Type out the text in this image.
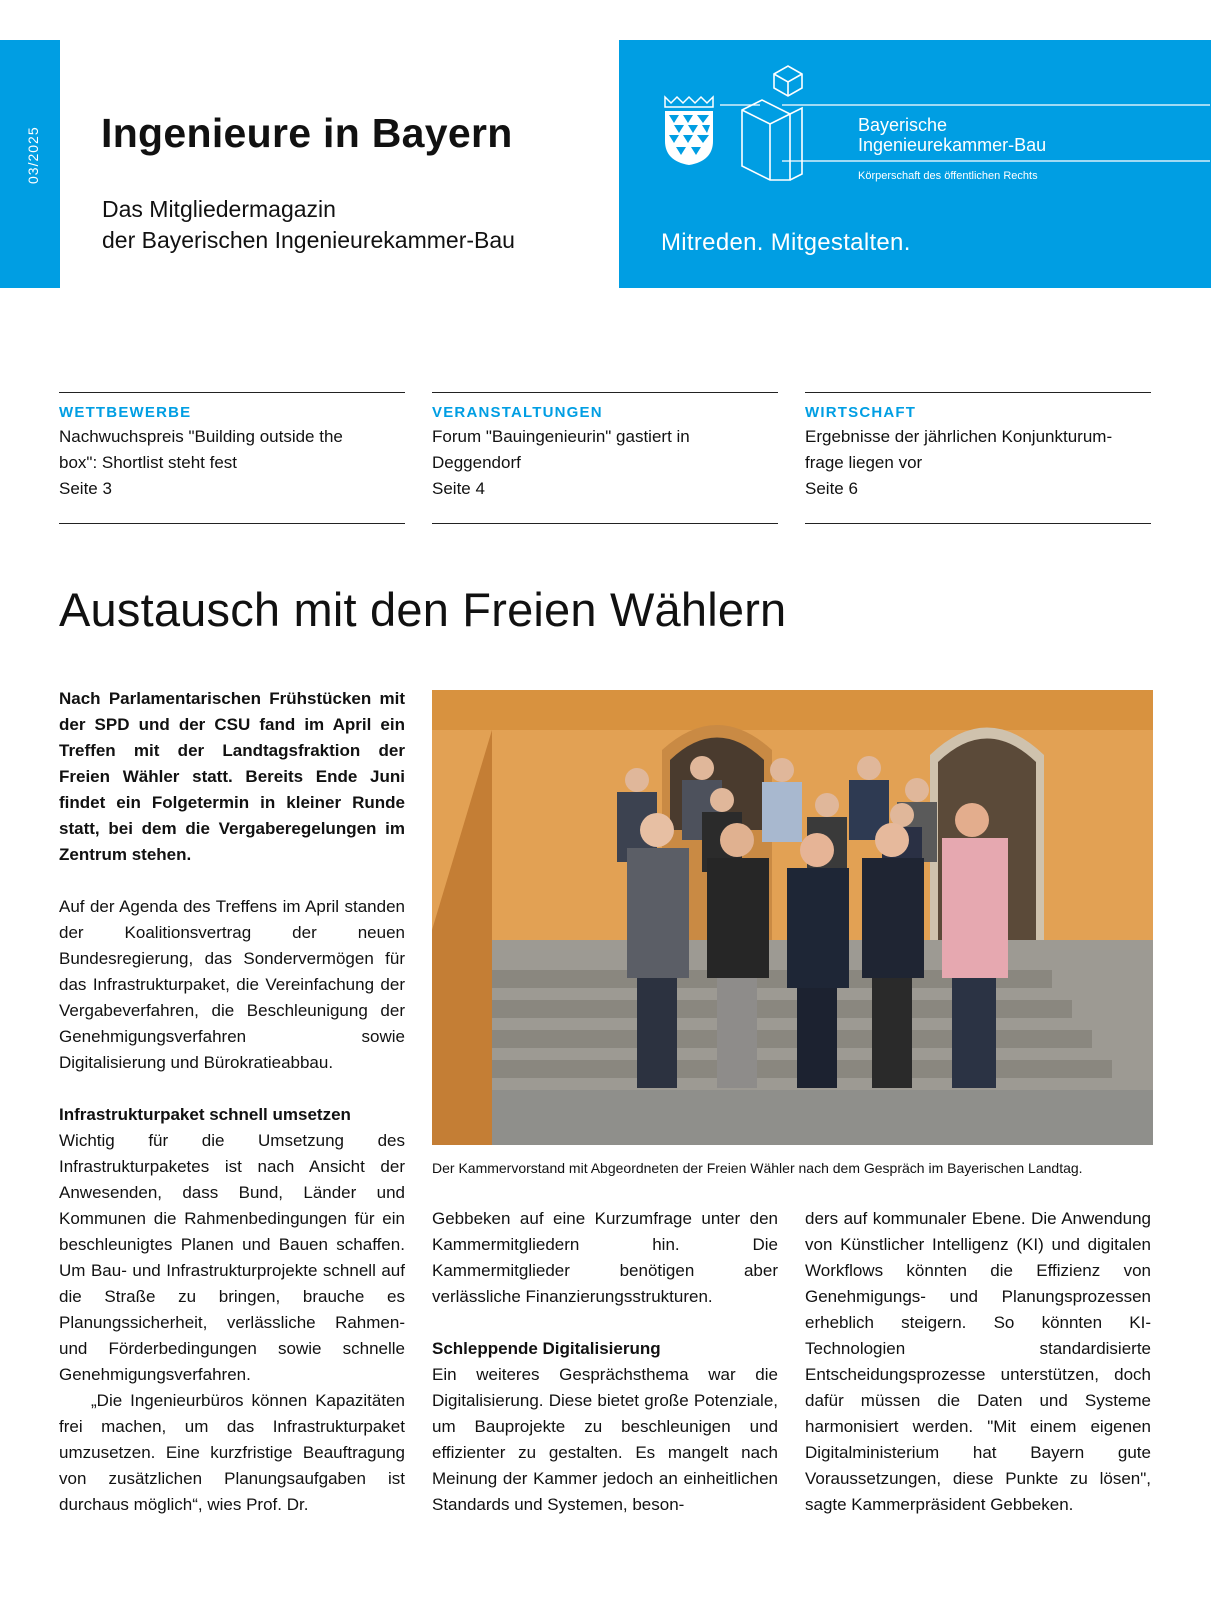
03/2025 Ingenieure in Bayern
Das Mitgliedermagazin
der Bayerischen Ingenieurekammer-Bau
Bayerische
Ingenieurekammer-Bau
Körperschaft des öffentlichen Rechts
Mitreden. Mitgestalten.
WETTBEWERBE
Nachwuchspreis "Building outside the
box": Shortlist steht fest
Seite 3
VERANSTALTUNGEN
Forum "Bauingenieurin" gastiert in
Deggendorf
Seite 4
WIRTSCHAFT
Ergebnisse der jährlichen Konjunkturum-
frage liegen vor
Seite 6
Austausch mit den Freien Wählern

Nach Parlamentarischen Frühstücken mit der SPD und der CSU fand im April ein Treffen mit der Landtagsfraktion der Freien Wähler statt. Bereits Ende Juni findet ein Folgetermin in kleiner Runde statt, bei dem die Vergaberegelungen im Zentrum stehen.

Auf der Agenda des Treffens im April standen der Koalitionsvertrag der neuen Bundesregierung, das Sondervermögen für das Infrastrukturpaket, die Vereinfachung der Vergabeverfahren, die Beschleunigung der Genehmigungsverfahren sowie Digitalisierung und Bürokratieabbau.

Infrastrukturpaket schnell umsetzen

Wichtig für die Umsetzung des Infrastrukturpaketes ist nach Ansicht der Anwesenden, dass Bund, Länder und Kommunen die Rahmenbedingungen für ein beschleunigtes Planen und Bauen schaffen. Um Bau- und Infrastrukturprojekte schnell auf die Straße zu bringen, brauche es Planungssicherheit, verlässliche Rahmen- und Förderbedingungen sowie schnelle Genehmigungsverfahren.

„Die Ingenieurbüros können Kapazitäten frei machen, um das Infrastrukturpaket umzusetzen. Eine kurzfristige Beauftragung von zusätzlichen Planungsaufgaben ist durchaus möglich“, wies Prof. Dr.

Der Kammervorstand mit Abgeordneten der Freien Wähler nach dem Gespräch im Bayerischen Landtag.

Gebbeken auf eine Kurzumfrage unter den Kammermitgliedern hin. Die Kammermitglieder benötigen aber verlässliche Finanzierungsstrukturen.

Schleppende Digitalisierung

Ein weiteres Gesprächsthema war die Digitalisierung. Diese bietet große Potenziale, um Bauprojekte zu beschleunigen und effizienter zu gestalten. Es mangelt nach Meinung der Kammer jedoch an einheitlichen Standards und Systemen, beson-

ders auf kommunaler Ebene. Die Anwendung von Künstlicher Intelligenz (KI) und digitalen Workflows könnten die Effizienz von Genehmigungs- und Planungsprozessen erheblich steigern. So könnten KI-Technologien standardisierte Entscheidungsprozesse unterstützen, doch dafür müssen die Daten und Systeme harmonisiert werden. "Mit einem eigenen Digitalministerium hat Bayern gute Voraussetzungen, diese Punkte zu lösen", sagte Kammerpräsident Gebbeken.
